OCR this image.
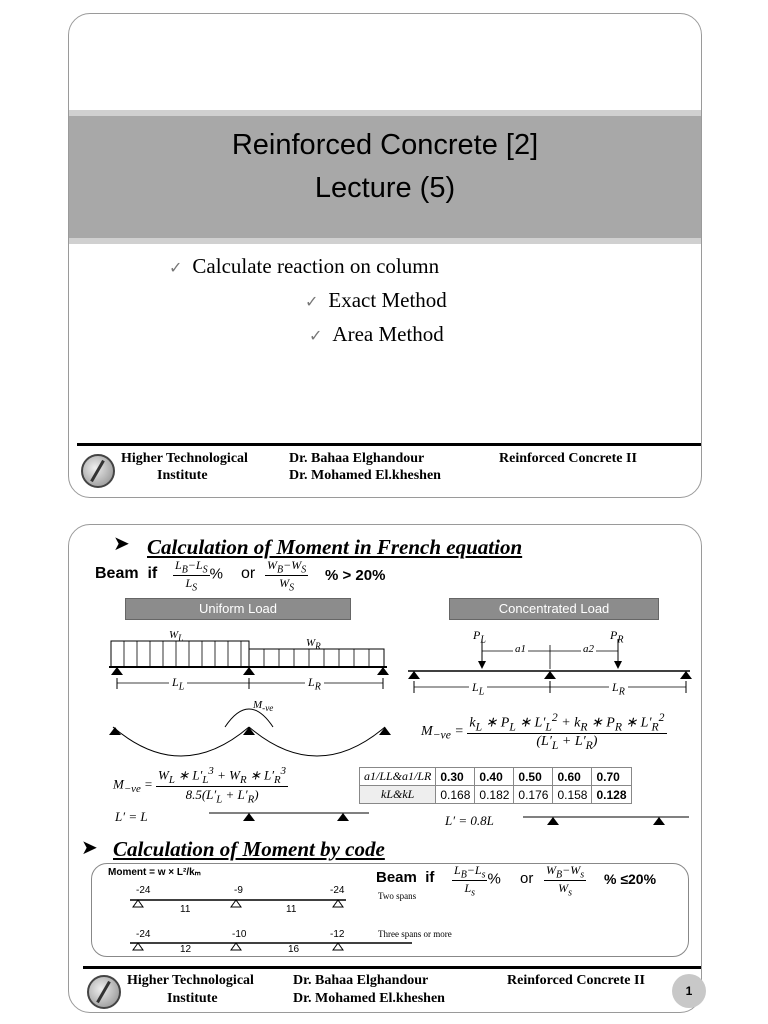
Reinforced Concrete [2]
Lecture (5)
✓ Calculate reaction on column
✓ Exact Method
✓ Area Method
Higher Technological
Institute
Dr. Bahaa Elghandour
Dr. Mohamed El.kheshen
Reinforced Concrete II
➤ Calculation of Moment in French equation
Beam if $\frac{L_B-L_S}{L_S}$ % or $\frac{W_B-W_S}{W_S}$ % > 20%
Uniform Load	Concentrated Load
$W_L$	$W_R$
$L_L$	$L_R$
$P_L$	$P_R$
a1	a2
$L_L$	$L_R$
$M_{-ve}$
$M_{-ve} = \frac{k_L ∗ P_L ∗ L'_L^2 + k_R ∗ P_R ∗ L'_R^2}{(L'_L + L'_R)}$
$M_{-ve} = \frac{W_L ∗ L'_L^3 + W_R ∗ L'_R^3}{8.5(L'_L + L'_R)}$	a1/LL&a1/LR	0.30	0.40	0.50	0.60	0.70
kL&kL	0.168	0.182	0.176	0.158	0.128
L′ = L	L′ = 0.8L
➤ Calculation of Moment by code
Moment = w × L²/kₘ	Beam if $\frac{L_B-L_s}{L_s}$ % or $\frac{W_B-W_s}{W_s}$ % ≤20%
-24	-9	-24
11	11
Two spans
-24	-10	-12
12	16
Three spans or more
Higher Technological
Institute
Dr. Bahaa Elghandour
Dr. Mohamed El.kheshen
Reinforced Concrete II
1
